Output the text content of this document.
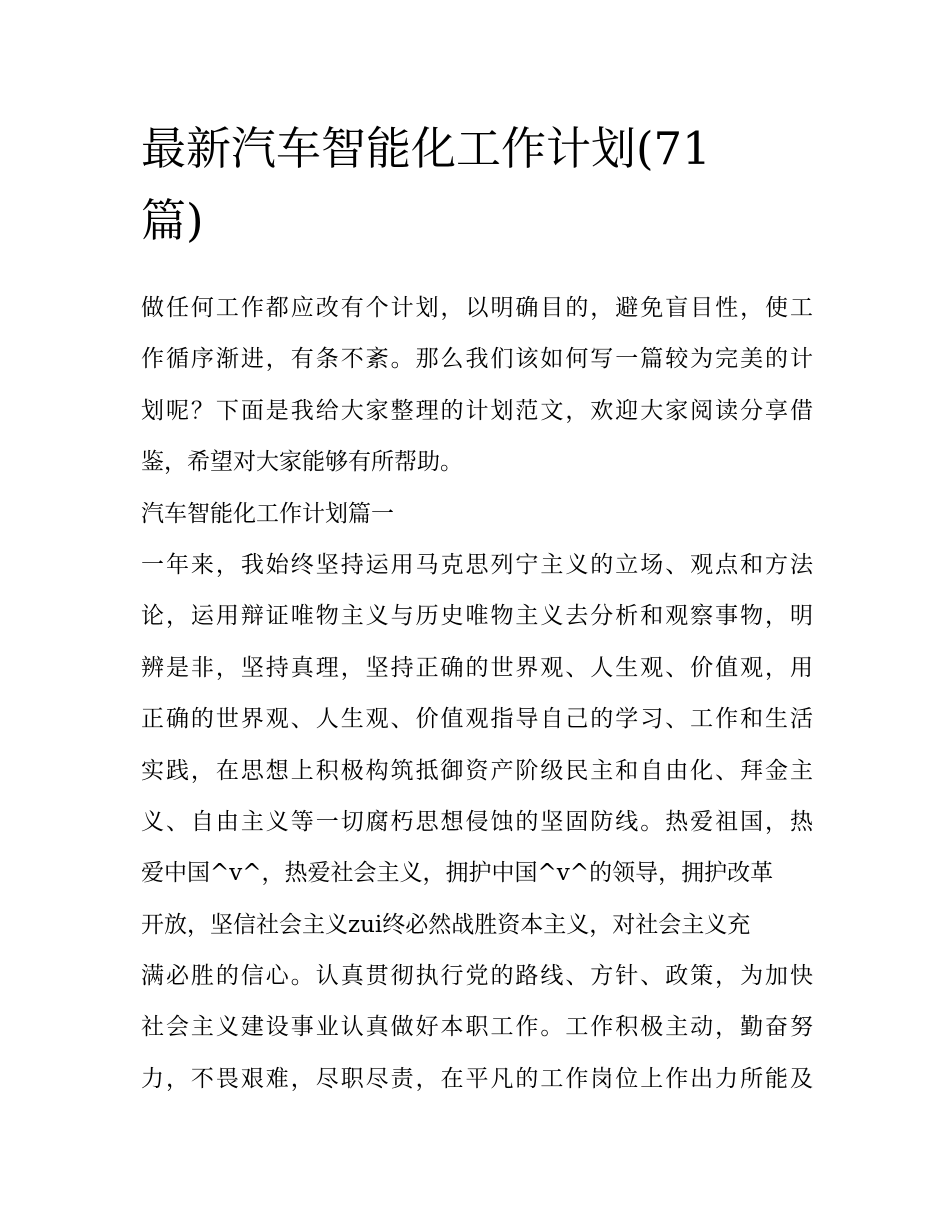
最新汽车智能化工作计划(71
篇)
做任何工作都应改有个计划，以明确目的，避免盲目性，使工
作循序渐进，有条不紊。那么我们该如何写一篇较为完美的计
划呢？下面是我给大家整理的计划范文，欢迎大家阅读分享借
鉴，希望对大家能够有所帮助。
汽车智能化工作计划篇一
一年来，我始终坚持运用马克思列宁主义的立场、观点和方法
论，运用辩证唯物主义与历史唯物主义去分析和观察事物，明
辨是非，坚持真理，坚持正确的世界观、人生观、价值观，用
正确的世界观、人生观、价值观指导自己的学习、工作和生活
实践，在思想上积极构筑抵御资产阶级民主和自由化、拜金主
义、自由主义等一切腐朽思想侵蚀的坚固防线。热爱祖国，热
爱中国^v^，热爱社会主义，拥护中国^v^的领导，拥护改革
开放，坚信社会主义zui终必然战胜资本主义，对社会主义充
满必胜的信心。认真贯彻执行党的路线、方针、政策，为加快
社会主义建设事业认真做好本职工作。工作积极主动，勤奋努
力，不畏艰难，尽职尽责，在平凡的工作岗位上作出力所能及
